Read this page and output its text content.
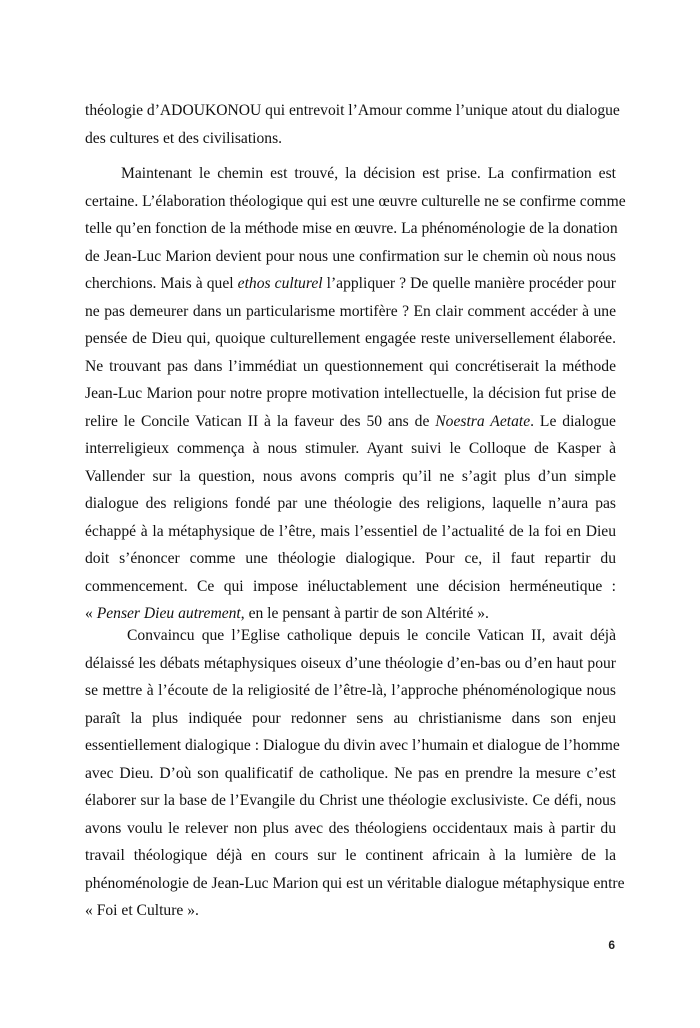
théologie d’ADOUKONOU qui entrevoit l’Amour comme l’unique atout du dialogue
des cultures et des civilisations.
Maintenant le chemin est trouvé, la décision est prise. La confirmation est
certaine. L’élaboration théologique qui est une œuvre culturelle ne se confirme comme
telle qu’en fonction de la méthode mise en œuvre. La phénoménologie de la donation
de Jean-Luc Marion devient pour nous une confirmation sur le chemin où nous nous
cherchions. Mais à quel ethos culturel l’appliquer ? De quelle manière procéder pour
ne pas demeurer dans un particularisme mortifère ? En clair comment accéder à une
pensée de Dieu qui, quoique culturellement engagée reste universellement élaborée.
Ne trouvant pas dans l’immédiat un questionnement qui concrétiserait la méthode
Jean-Luc Marion pour notre propre motivation intellectuelle, la décision fut prise de
relire le Concile Vatican II à la faveur des 50 ans de Noestra Aetate. Le dialogue
interreligieux commença à nous stimuler. Ayant suivi le Colloque de Kasper à
Vallender sur la question, nous avons compris qu’il ne s’agit plus d’un simple
dialogue des religions fondé par une théologie des religions, laquelle n’aura pas
échappé à la métaphysique de l’être, mais l’essentiel de l’actualité de la foi en Dieu
doit s’énoncer comme une théologie dialogique. Pour ce, il faut repartir du
commencement. Ce qui impose inéluctablement une décision herméneutique :
« Penser Dieu autrement, en le pensant à partir de son Altérité ».
Convaincu que l’Eglise catholique depuis le concile Vatican II, avait déjà
délaissé les débats métaphysiques oiseux d’une théologie d’en-bas ou d’en haut pour
se mettre à l’écoute de la religiosité de l’être-là, l’approche phénoménologique nous
paraît la plus indiquée pour redonner sens au christianisme dans son enjeu
essentiellement dialogique : Dialogue du divin avec l’humain et dialogue de l’homme
avec Dieu. D’où son qualificatif de catholique. Ne pas en prendre la mesure c’est
élaborer sur la base de l’Evangile du Christ une théologie exclusiviste. Ce défi, nous
avons voulu le relever non plus avec des théologiens occidentaux mais à partir du
travail théologique déjà en cours sur le continent africain à la lumière de la
phénoménologie de Jean-Luc Marion qui est un véritable dialogue métaphysique entre
« Foi et Culture ».
6
